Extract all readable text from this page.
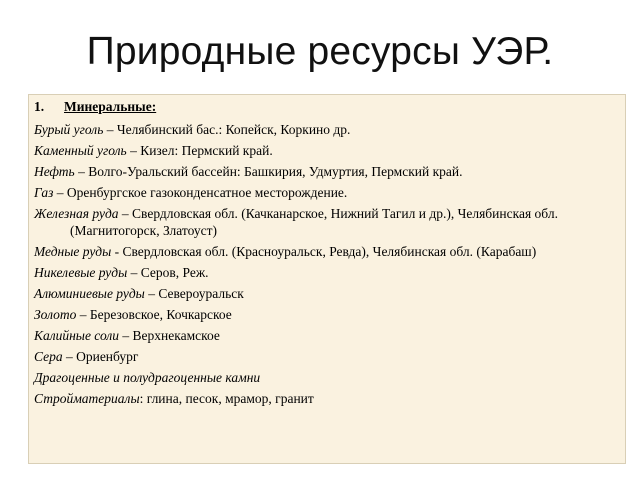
Природные ресурсы УЭР.
1. Минеральные:
Бурый уголь – Челябинский бас.: Копейск, Коркино др.
Каменный уголь – Кизел: Пермский край.
Нефть – Волго-Уральский бассейн: Башкирия, Удмуртия, Пермский край.
Газ – Оренбургское газоконденсатное месторождение.
Железная руда – Свердловская обл. (Качканарское, Нижний Тагил и др.), Челябинская обл. (Магнитогорск, Златоуст)
Медные руды - Свердловская обл. (Красноуральск, Ревда), Челябинская обл. (Карабаш)
Никелевые руды – Серов, Реж.
Алюминиевые руды – Североуральск
Золото – Березовское, Кочкарское
Калийные соли – Верхнекамское
Сера – Ориенбург
Драгоценные и полудрагоценные камни
Стройматериалы: глина, песок, мрамор, гранит
